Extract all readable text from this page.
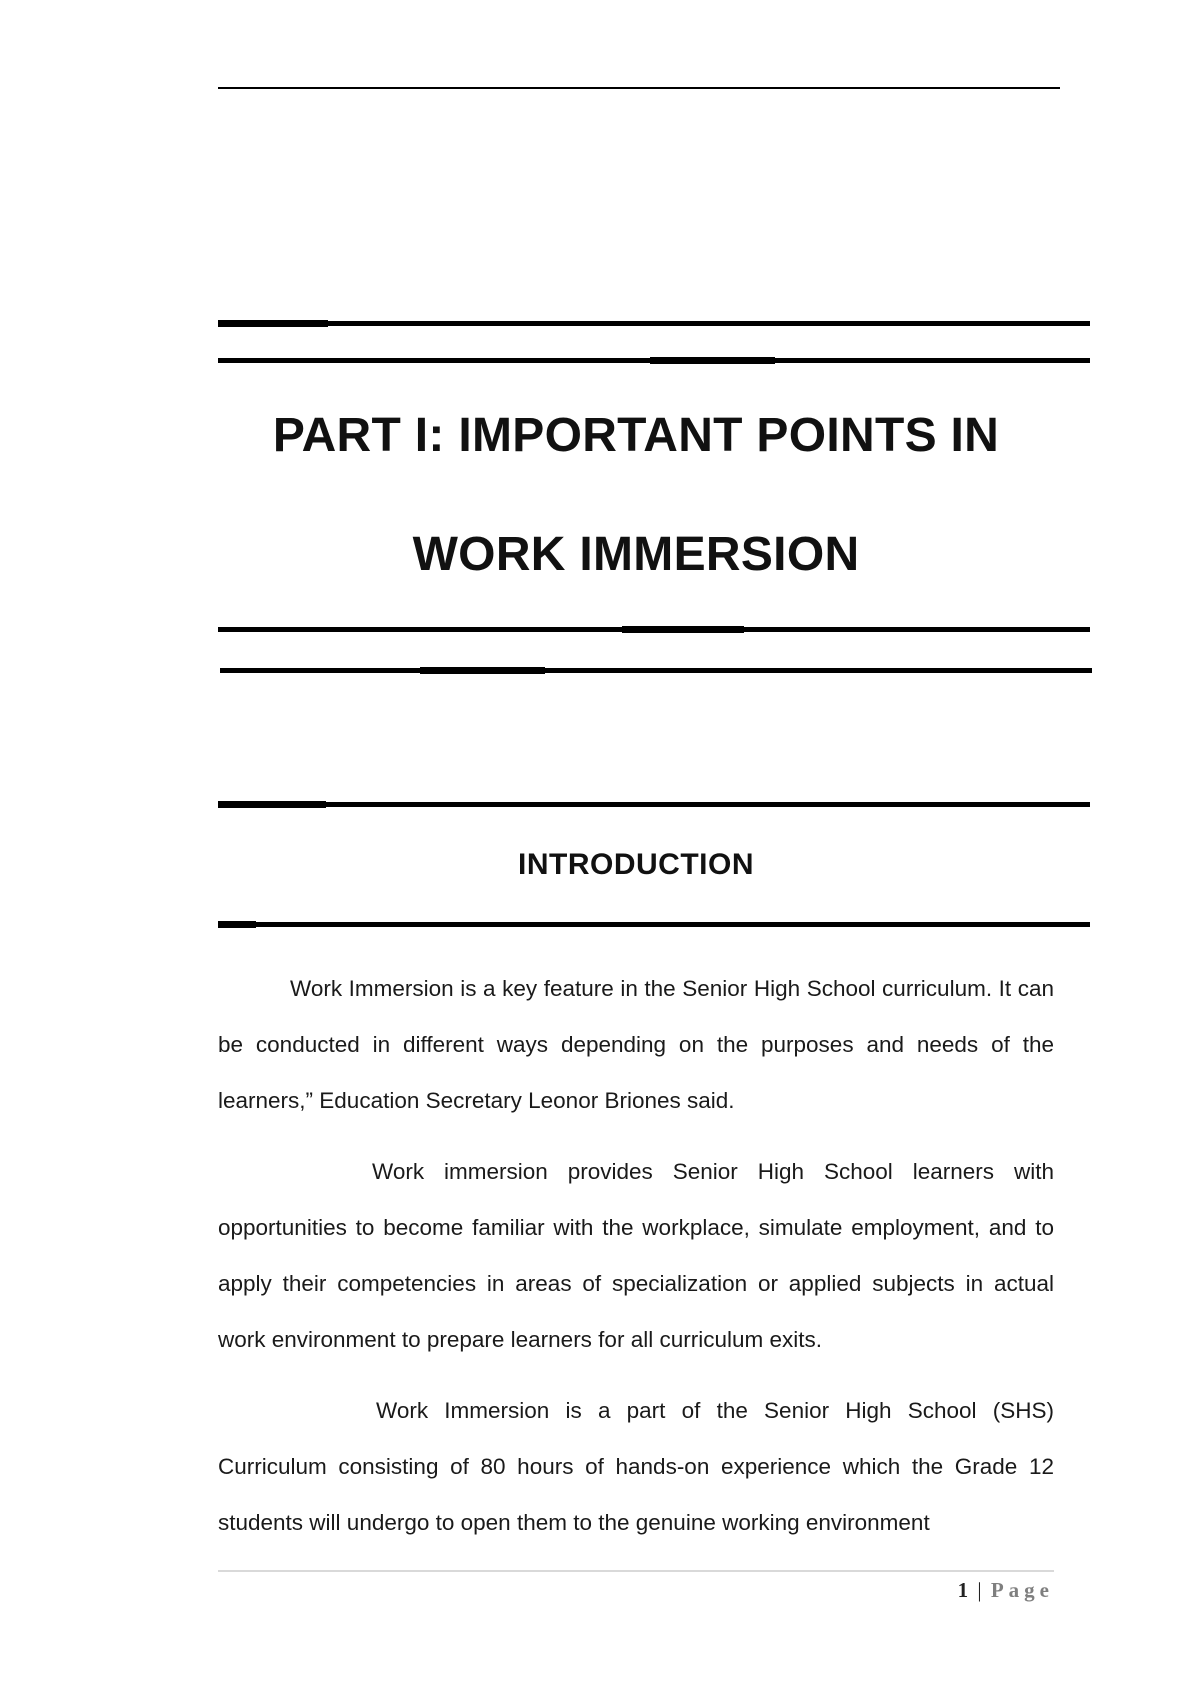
PART I: IMPORTANT POINTS IN
WORK IMMERSION
INTRODUCTION

Work Immersion is a key feature in the Senior High School curriculum. It can be conducted in different ways depending on the purposes and needs of the learners,” Education Secretary Leonor Briones said.

Work immersion provides Senior High School learners with opportunities to become familiar with the workplace, simulate employment, and to apply their competencies in areas of specialization or applied subjects in actual work environment to prepare learners for all curriculum exits.

Work Immersion is a part of the Senior High School (SHS) Curriculum consisting of 80 hours of hands-on experience which the Grade 12 students will undergo to open them to the genuine working environment

1 | Page
